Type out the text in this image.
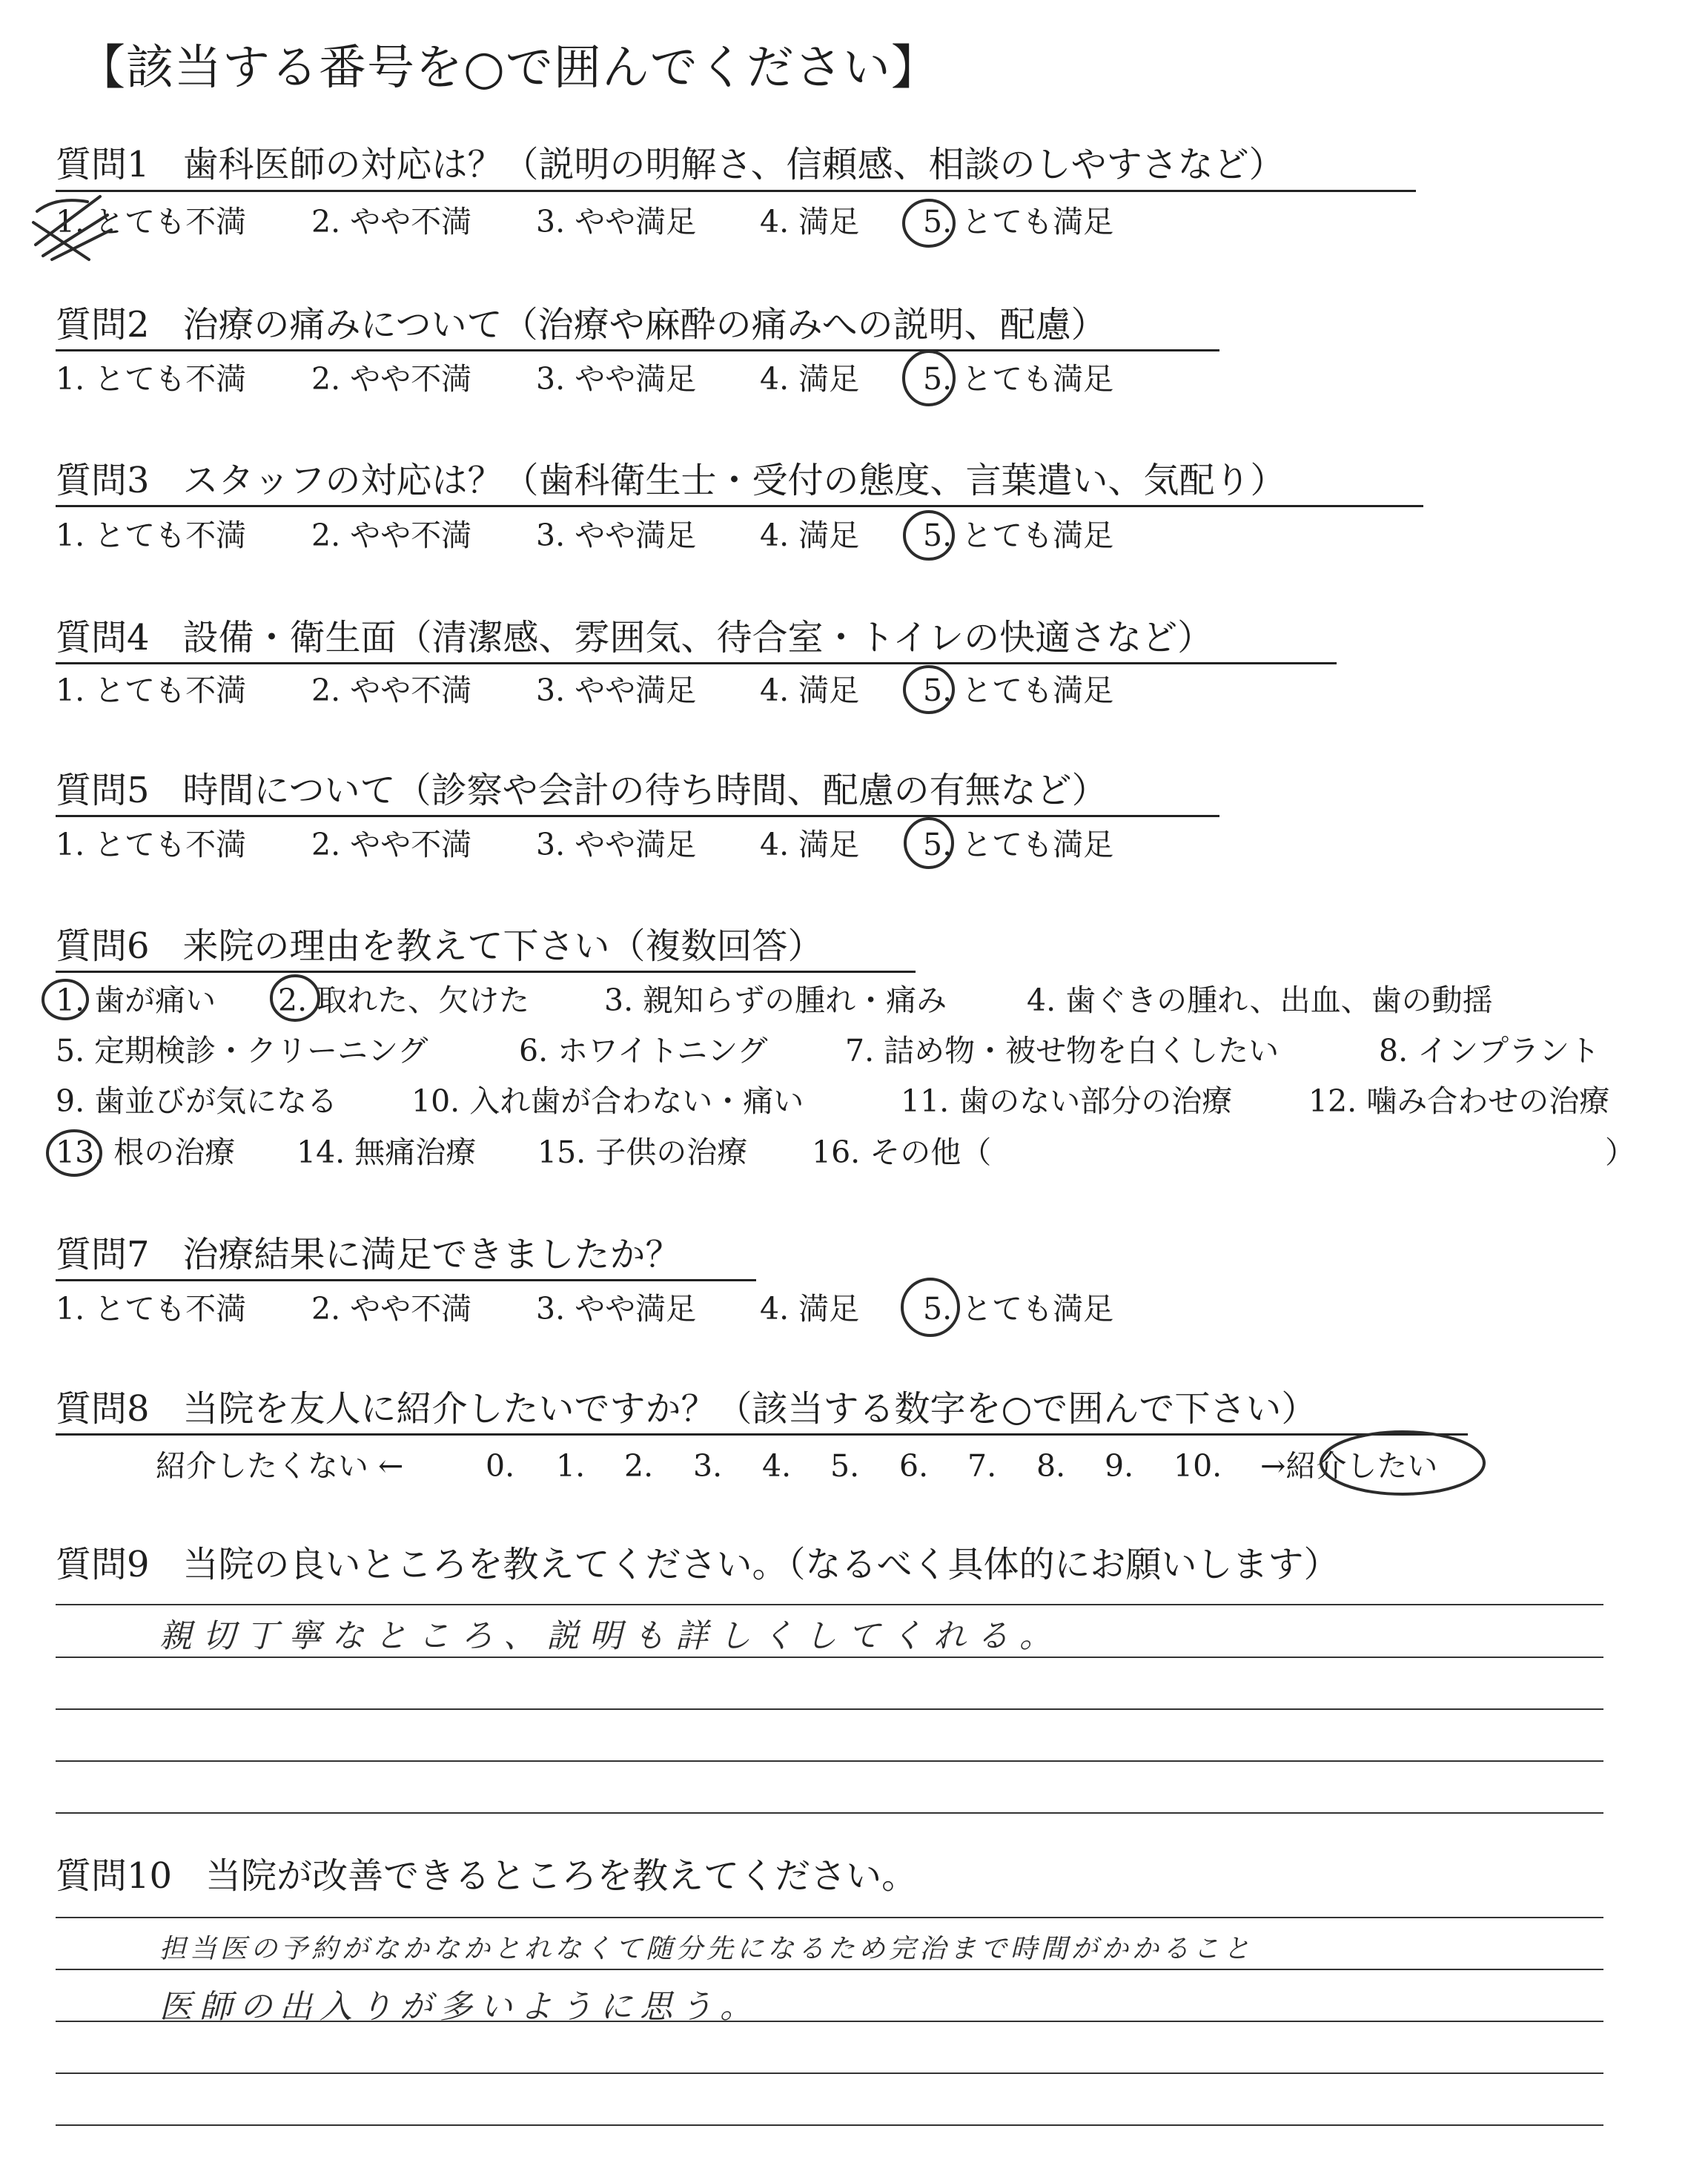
【該当する番号を○で囲んでください】
質問1 歯科医師の対応は？（説明の明解さ、信頼感、相談のしやすさなど）
1. とても不満 2. やや不満 3. やや満足 4. 満足 5. とても満足
質問2 治療の痛みについて（治療や麻酔の痛みへの説明、配慮）
1. とても不満 2. やや不満 3. やや満足 4. 満足 5. とても満足
質問3 スタッフの対応は？（歯科衛生士・受付の態度、言葉遣い、気配り）
1. とても不満 2. やや不満 3. やや満足 4. 満足 5. とても満足
質問4 設備・衛生面（清潔感、雰囲気、待合室・トイレの快適さなど）
1. とても不満 2. やや不満 3. やや満足 4. 満足 5. とても満足
質問5 時間について（診察や会計の待ち時間、配慮の有無など）
1. とても不満 2. やや不満 3. やや満足 4. 満足 5. とても満足
質問6 来院の理由を教えて下さい（複数回答）
1. 歯が痛い 2. 取れた、欠けた 3. 親知らずの腫れ・痛み	4. 歯ぐきの腫れ、出血、歯の動揺
5. 定期検診・クリーニング	6. ホワイトニング	7. 詰め物・被せ物を白くしたい	8. インプラント
9. 歯並びが気になる 10. 入れ歯が合わない・痛い	11. 歯のない部分の治療	12. 噛み合わせの治療
13. 根の治療 14. 無痛治療 15. 子供の治療 16. その他（	）
質問7 治療結果に満足できましたか？
1. とても不満 2. やや不満 3. やや満足 4. 満足 5. とても満足
質問8 当院を友人に紹介したいですか？（該当する数字を○で囲んで下さい）
紹介したくない ←	0. 1. 2. 3. 4. 5. 6. 7. 8. 9. 10. →紹介したい
質問9 当院の良いところを教えてください。（なるべく具体的にお願いします）
親切丁寧なところ、説明も詳しくしてくれる。
質問10 当院が改善できるところを教えてください。
担当医の予約がなかなかとれなくて随分先になるため完治まで時間がかかること
医師の出入りが多いように思う。
